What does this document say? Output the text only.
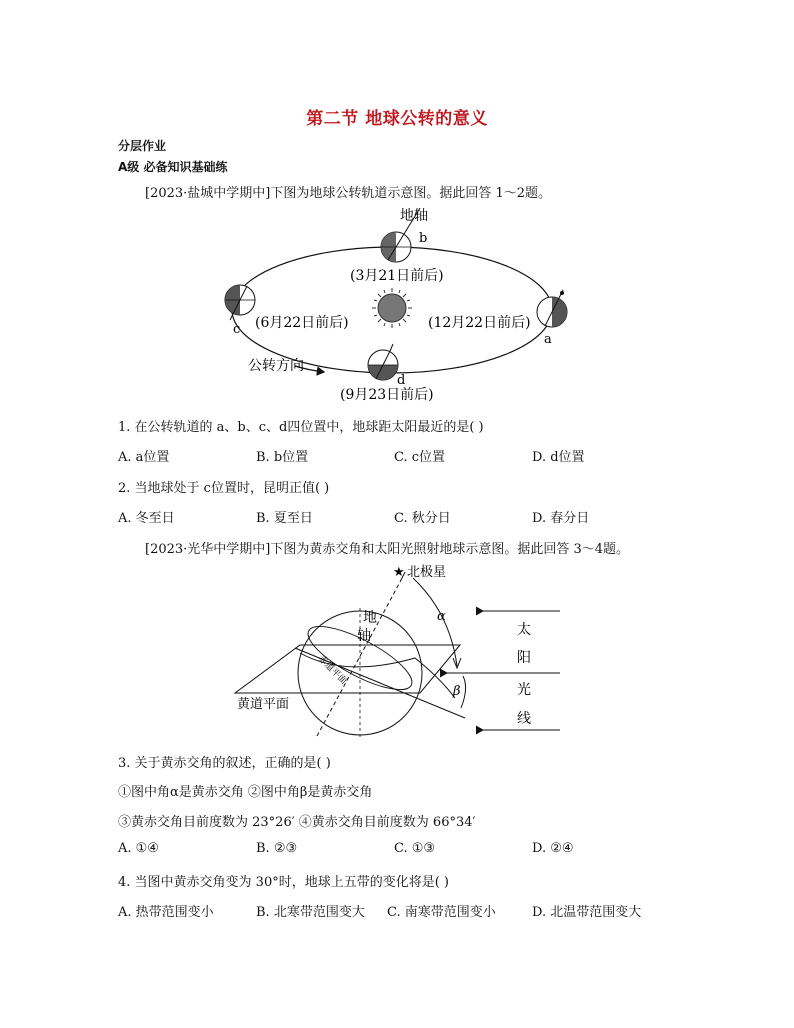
第二节 地球公转的意义
分层作业
A级 必备知识基础练
[2023·盐城中学期中]下图为地球公转轨道示意图。据此回答 1～2题。
地轴
b
(3月21日前后)
(6月22日前后)	(12月22日前后)
c
a
d
公转方向
(9月23日前后)
1. 在公转轨道的 a、b、c、d四位置中，地球距太阳最近的是( )
A. a位置	B. b位置	C. c位置	D. d位置
2. 当地球处于 c位置时，昆明正值( )
A. 冬至日	B. 夏至日	C. 秋分日	D. 春分日
[2023·光华中学期中]下图为黄赤交角和太阳光照射地球示意图。据此回答 3～4题。
★ 北极星
α
β
太
阳
光
线
地
轴
赤道平面
黄道平面
3. 关于黄赤交角的叙述，正确的是( )
①图中角α是黄赤交角 ②图中角β是黄赤交角
③黄赤交角目前度数为 23°26′ ④黄赤交角目前度数为 66°34′
A. ①④	B. ②③	C. ①③	D. ②④
4. 当图中黄赤交角变为 30°时，地球上五带的变化将是( )
A. 热带范围变小	B. 北寒带范围变大 C. 南寒带范围变小	D. 北温带范围变大
